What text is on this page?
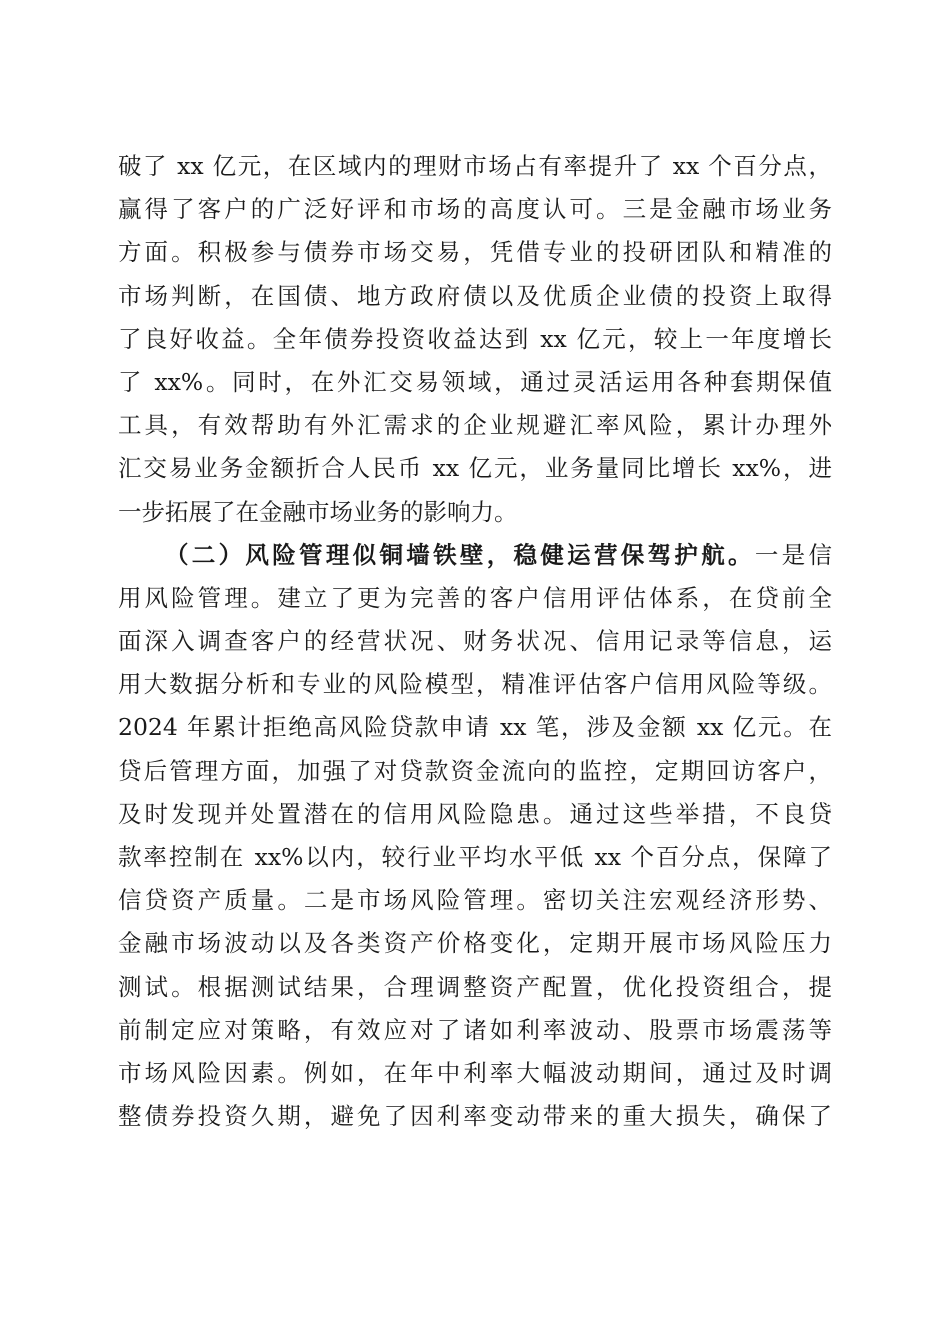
破了 xx 亿元，在区域内的理财市场占有率提升了 xx 个百分点，
赢得了客户的广泛好评和市场的高度认可。三是金融市场业务
方面。积极参与债券市场交易，凭借专业的投研团队和精准的
市场判断，在国债、地方政府债以及优质企业债的投资上取得
了良好收益。全年债券投资收益达到 xx 亿元，较上一年度增长
了 xx%。同时，在外汇交易领域，通过灵活运用各种套期保值
工具，有效帮助有外汇需求的企业规避汇率风险，累计办理外
汇交易业务金额折合人民币 xx 亿元，业务量同比增长 xx%，进
一步拓展了在金融市场业务的影响力。
（二）风险管理似铜墙铁壁，稳健运营保驾护航。一是信
用风险管理。建立了更为完善的客户信用评估体系，在贷前全
面深入调查客户的经营状况、财务状况、信用记录等信息，运
用大数据分析和专业的风险模型，精准评估客户信用风险等级。
2024 年累计拒绝高风险贷款申请 xx 笔，涉及金额 xx 亿元。在
贷后管理方面，加强了对贷款资金流向的监控，定期回访客户，
及时发现并处置潜在的信用风险隐患。通过这些举措，不良贷
款率控制在 xx%以内，较行业平均水平低 xx 个百分点，保障了
信贷资产质量。二是市场风险管理。密切关注宏观经济形势、
金融市场波动以及各类资产价格变化，定期开展市场风险压力
测试。根据测试结果，合理调整资产配置，优化投资组合，提
前制定应对策略，有效应对了诸如利率波动、股票市场震荡等
市场风险因素。例如，在年中利率大幅波动期间，通过及时调
整债券投资久期，避免了因利率变动带来的重大损失，确保了
